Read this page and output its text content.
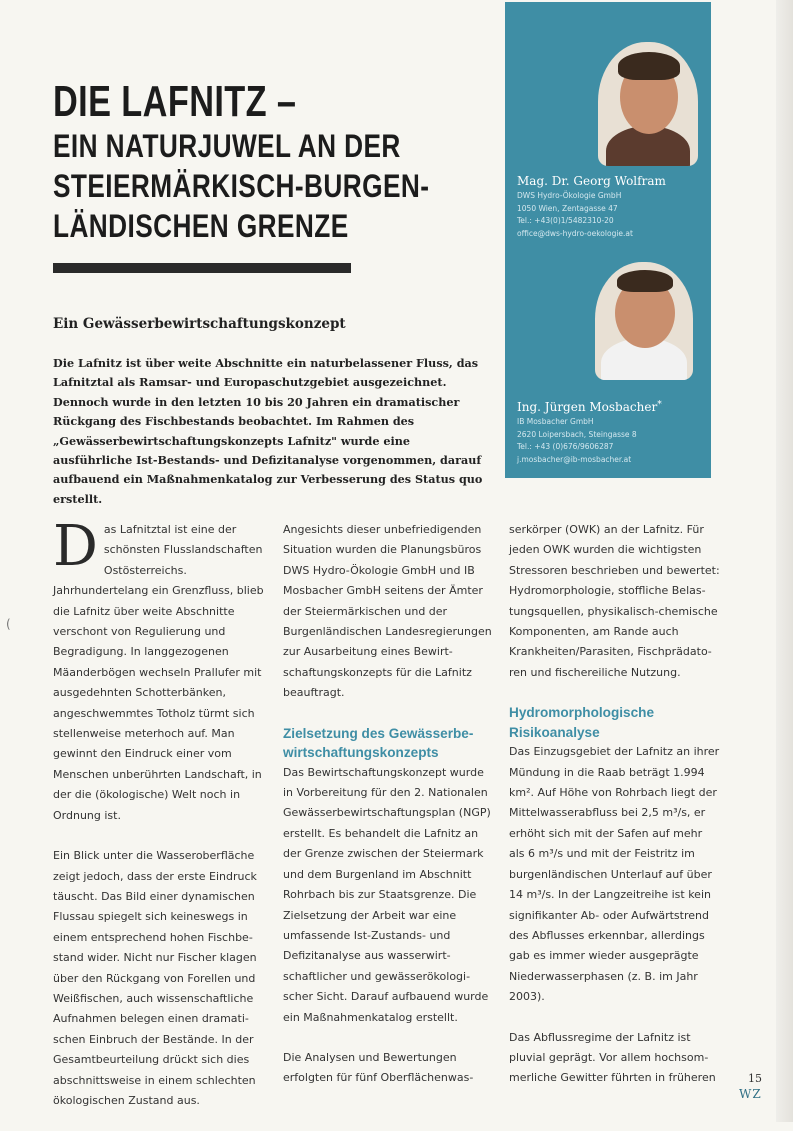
(
DIE LAFNITZ –
EIN NATURJUWEL AN DER
STEIERMÄRKISCH-BURGEN-
LÄNDISCHEN GRENZE
Ein Gewässerbewirtschaftungskonzept

Die Lafnitz ist über weite Abschnitte ein naturbelassener Fluss, das Lafnitztal als Ramsar- und Europaschutzgebiet ausgezeichnet.

Dennoch wurde in den letzten 10 bis 20 Jahren ein dramatischer Rückgang des Fischbestands beobachtet. Im Rahmen des „Gewässerbewirtschaftungskonzepts Lafnitz" wurde eine ausführliche Ist-Bestands- und Defizitanalyse vorgenommen, darauf aufbauend ein Maßnahmenkatalog zur Verbesserung des Status quo erstellt.

Mag. Dr. Georg Wolfram
DWS Hydro-Ökologie GmbH
1050 Wien, Zentagasse 47
Tel.: +43(0)1/5482310-20
office@dws-hydro-oekologie.at
Ing. Jürgen Mosbacher*
IB Mosbacher GmbH
2620 Loipersbach, Steingasse 8
Tel.: +43 (0)676/9606287
j.mosbacher@ib-mosbacher.at

Das Lafnitztal ist eine der schönsten Flusslandschaften Ostösterreichs. Jahrhundertelang ein Grenzfluss, blieb die Lafnitz über weite Abschnitte verschont von Regulierung und Begradigung. In langgezogenen Mäanderbögen wechseln Prallufer mit ausgedehnten Schotterbänken, angeschwemmtes Totholz türmt sich stellenweise meterhoch auf. Man gewinnt den Eindruck einer vom Menschen unberührten Landschaft, in der die (ökologische) Welt noch in Ordnung ist.

Ein Blick unter die Wasseroberfläche zeigt jedoch, dass der erste Eindruck täuscht. Das Bild einer dynamischen Flussau spiegelt sich keineswegs in einem entsprechend hohen Fischbestand wider. Nicht nur Fischer klagen über den Rückgang von Forellen und Weißfischen, auch wissenschaftliche Aufnahmen belegen einen dramatischen Einbruch der Bestände. In der Gesamtbeurteilung drückt sich dies abschnittsweise in einem schlechten ökologischen Zustand aus.

Angesichts dieser unbefriedigenden Situation wurden die Planungsbüros DWS Hydro-Ökologie GmbH und IB Mosbacher GmbH seitens der Ämter der Steiermärkischen und der Burgenländischen Landesregierungen zur Ausarbeitung eines Bewirtschaftungskonzepts für die Lafnitz beauftragt.

Zielsetzung des Gewässerbewirtschaftungskonzepts

Das Bewirtschaftungskonzept wurde in Vorbereitung für den 2. Nationalen Gewässerbewirtschaftungsplan (NGP) erstellt. Es behandelt die Lafnitz an der Grenze zwischen der Steiermark und dem Burgenland im Abschnitt Rohrbach bis zur Staatsgrenze. Die Zielsetzung der Arbeit war eine umfassende Ist-Zustands- und Defizitanalyse aus wasserwirtschaftlicher und gewässerökologischer Sicht. Darauf aufbauend wurde ein Maßnahmenkatalog erstellt.

Die Analysen und Bewertungen erfolgten für fünf Oberflächenwas-

serkörper (OWK) an der Lafnitz. Für jeden OWK wurden die wichtigsten Stressoren beschrieben und bewertet: Hydromorphologie, stoffliche Belastungsquellen, physikalisch-chemische Komponenten, am Rande auch Krankheiten/Parasiten, Fischprädatoren und fischereiliche Nutzung.

Hydromorphologische Risikoanalyse

Das Einzugsgebiet der Lafnitz an ihrer Mündung in die Raab beträgt 1.994 km². Auf Höhe von Rohrbach liegt der Mittelwasserabfluss bei 2,5 m³/s, er erhöht sich mit der Safen auf mehr als 6 m³/s und mit der Feistritz im burgenländischen Unterlauf auf über 14 m³/s. In der Langzeitreihe ist kein signifikanter Ab- oder Aufwärtstrend des Abflusses erkennbar, allerdings gab es immer wieder ausgeprägte Niederwasserphasen (z. B. im Jahr 2003).

Das Abflussregime der Lafnitz ist pluvial geprägt. Vor allem hochsommerliche Gewitter führten in früheren	15
WZ
